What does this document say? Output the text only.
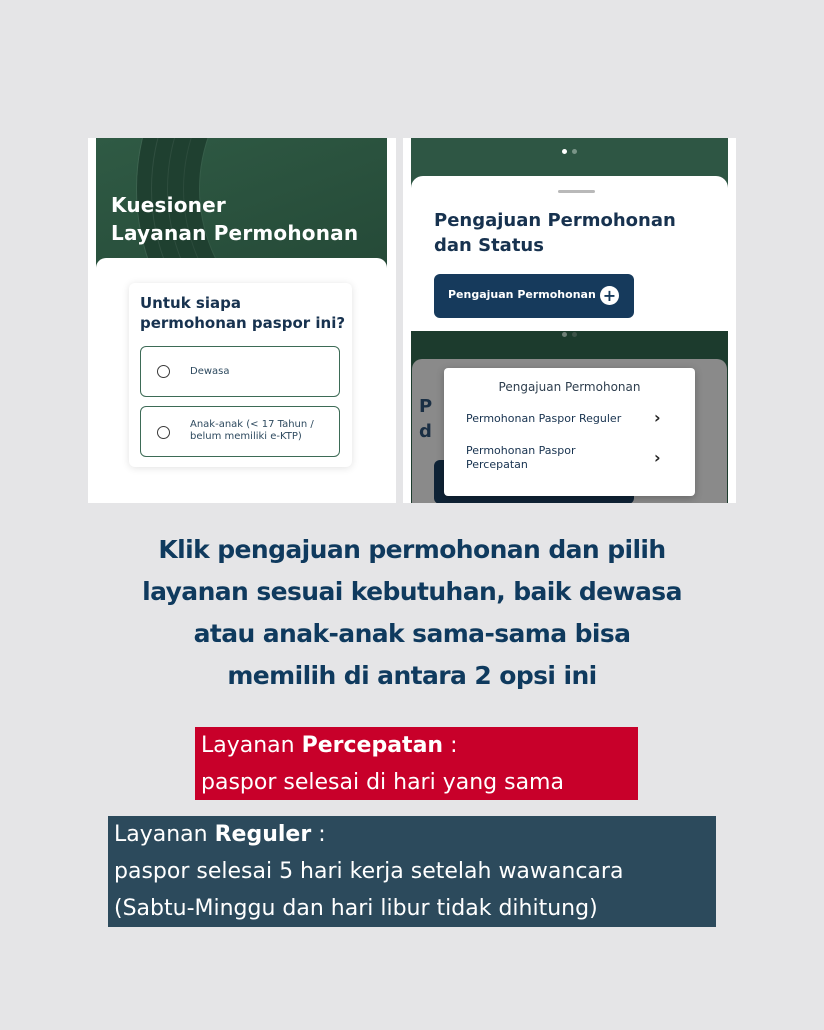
Kuesioner
Layanan Permohonan
Untuk siapa permohonan paspor ini?
Dewasa
Anak-anak (< 17 Tahun /
belum memiliki e-KTP)
Pengajuan Permohonan
dan Status
Pengajuan Permohonan +
P
d
Pengajuan Permohonan
Permohonan Paspor Reguler ›
Permohonan Paspor
Percepatan	›
Klik pengajuan permohonan dan pilih
layanan sesuai kebutuhan, baik dewasa
atau anak-anak sama-sama bisa
memilih di antara 2 opsi ini
Layanan Percepatan :
paspor selesai di hari yang sama
Layanan Reguler :
paspor selesai 5 hari kerja setelah wawancara
(Sabtu-Minggu dan hari libur tidak dihitung)
